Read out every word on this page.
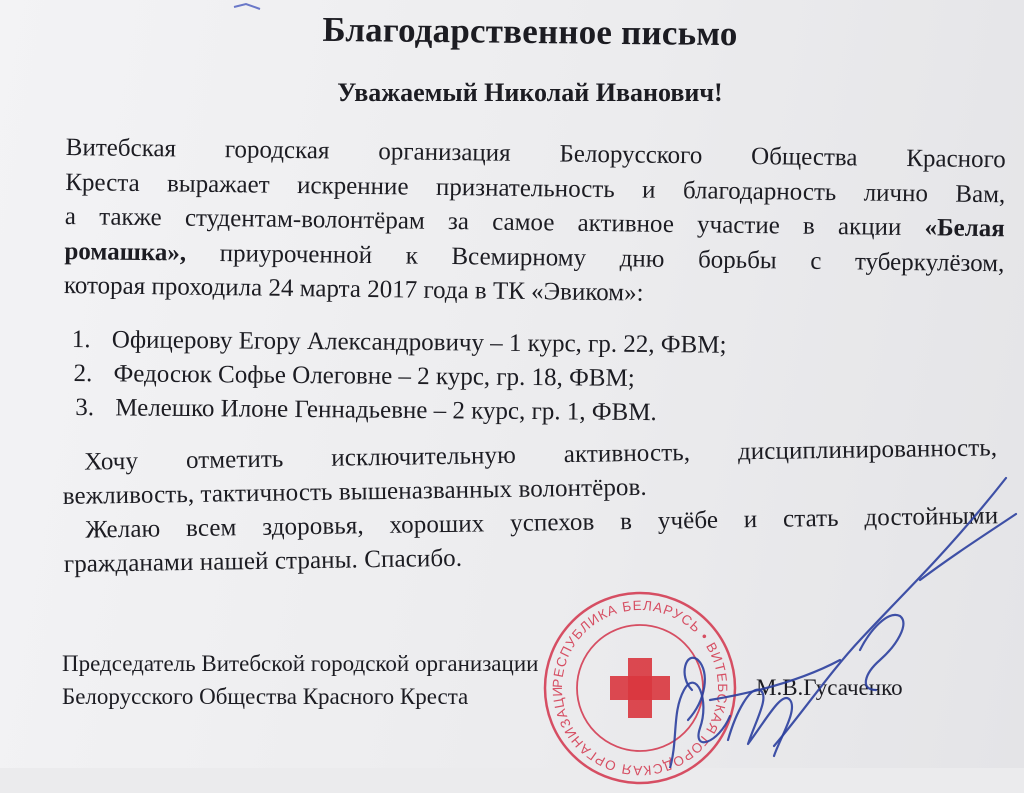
Благодарственное письмо
Уважаемый Николай Иванович!
Витебская городская организация Белорусского Общества Красного
Креста выражает искренние признательность и благодарность лично Вам,
а также студентам-волонтёрам за самое активное участие в акции «Белая
ромашка», приуроченной к Всемирному дню борьбы с туберкулёзом,
которая проходила 24 марта 2017 года в ТК «Эвиком»:
1. Офицерову Егору Александровичу – 1 курс, гр. 22, ФВМ;
2. Федосюк Софье Олеговне – 2 курс, гр. 18, ФВМ;
3. Мелешко Илоне Геннадьевне – 2 курс, гр. 1, ФВМ.
Хочу отметить исключительную активность, дисциплинированность,
вежливость, тактичность вышеназванных волонтёров.
Желаю всем здоровья, хороших успехов в учёбе и стать достойными
гражданами нашей страны. Спасибо.
Председатель Витебской городской организации
Белорусского Общества Красного Креста
РЕСПУБЛИКА БЕЛАРУСЬ • ВИТЕБСКАЯ ГОРОДСКАЯ ОРГАНИЗАЦИ	М.В.Гусаченко
